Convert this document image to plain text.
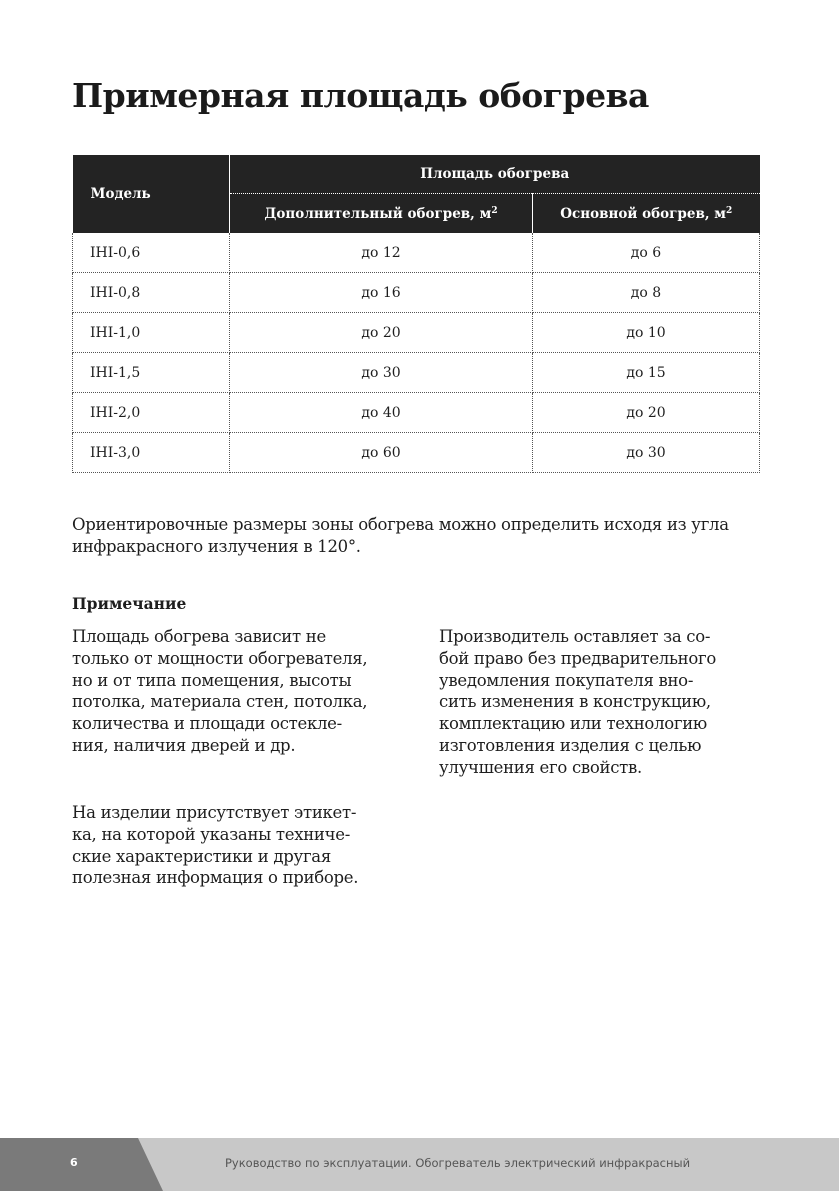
Примерная площадь обогрева
Модель	Площадь обогрева	
	Дополнительный обогрев, $м^2$	Основной обогрев, $м^2$
IHI-0,6	до 12	до 6
IHI-0,8	до 16	до 8
IHI-1,0	до 20	до 10
IHI-1,5	до 30	до 15
IHI-2,0	до 40	до 20
IHI-3,0	до 60	до 30

Ориентировочные размеры зоны обогрева можно определить исходя из угла инфракрасного излучения в 120°.

Примечание

Площадь обогрева зависит не
только от мощности обогревателя,
но и от типа помещения, высоты
потолка, материала стен, потолка,
количества и площади остекле-
ния, наличия дверей и др.

На изделии присутствует этикет-
ка, на которой указаны техниче-
ские характеристики и другая
полезная информация о приборе.

Производитель оставляет за со-
бой право без предварительного
уведомления покупателя вно-
сить изменения в конструкцию,
комплектацию или технологию
изготовления изделия с целью
улучшения его свойств.

6	Руководство по эксплуатации. Обогреватель электрический инфракрасный
